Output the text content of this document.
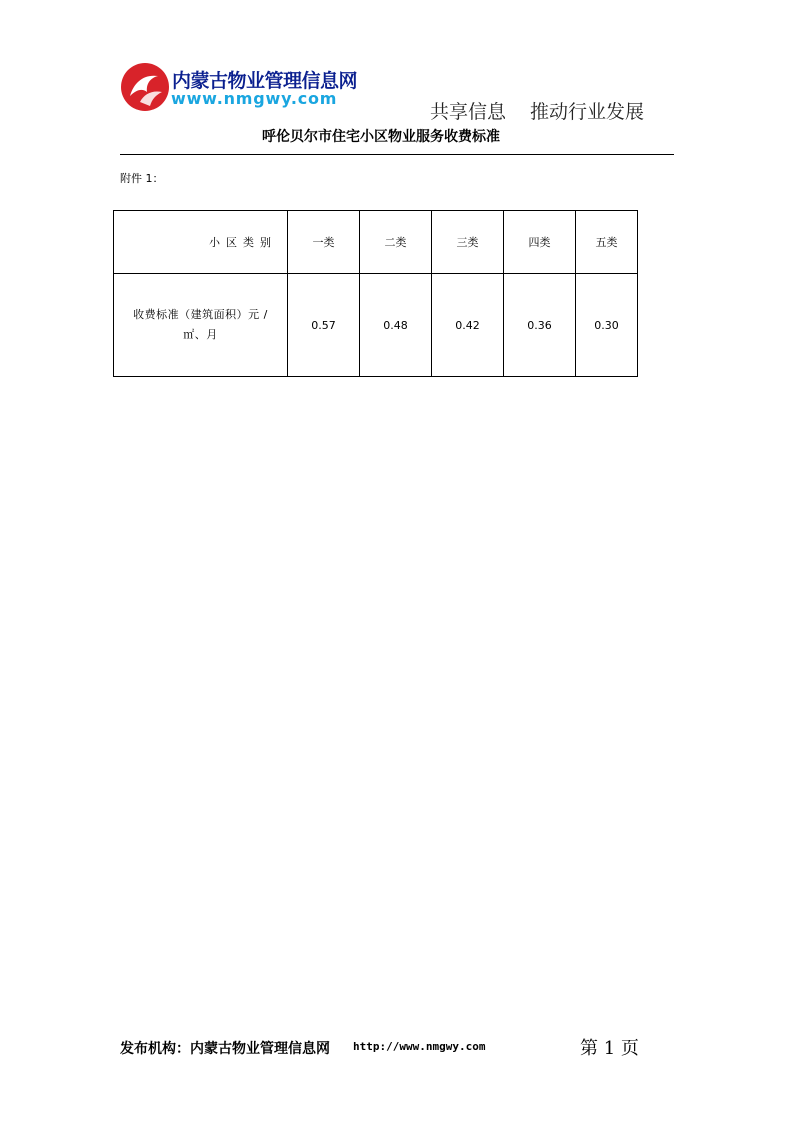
内蒙古物业管理信息网
www.nmgwy.com
共享信息 推动行业发展
呼伦贝尔市住宅小区物业服务收费标准
附件 1：
小区类别	一类	二类	三类	四类	五类

收费标准（建筑面积）元 /
㎡、月	0.57	0.48	0.42	0.36	0.30
发布机构：内蒙古物业管理信息网 http://www.nmgwy.com	第 1 页
